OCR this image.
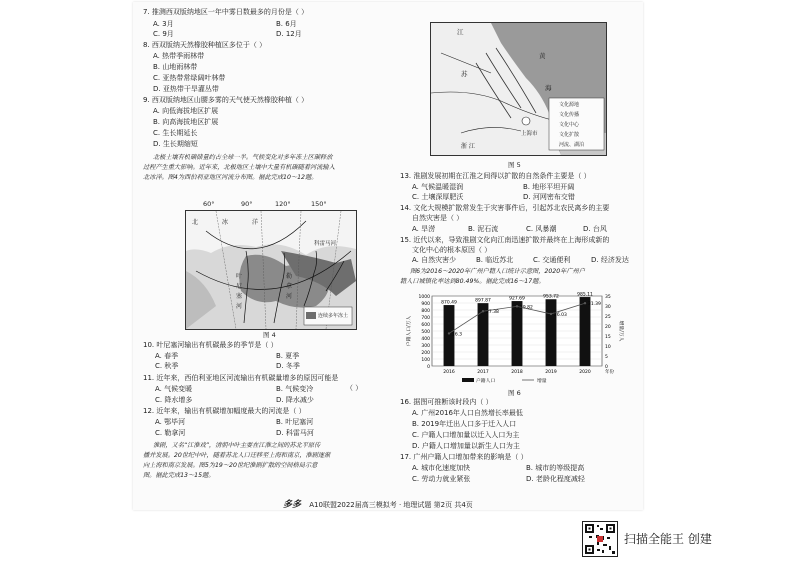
7. 推测西双版纳地区一年中雾日数最多的月份是（ ）
A. 3月	B. 6月
C. 9月	D. 12月
8. 西双版纳天然橡胶种植区多位于（ ）
A. 热带季雨林带
B. 山地雨林带
C. 亚热带常绿阔叶林带
D. 亚热带干旱灌丛带
9. 西双版纳地区山腰多雾的天气使天然橡胶种植（ ）
A. 向低海拔地区扩展
B. 向高海拔地区扩展
C. 生长期延长
D. 生长期缩短
北极土壤有机碳储量约占全球一半。气候变化对多年冻土区碳释放
过程产生重大影响。近年来，北极地区土壤中大量有机碳随着河流输入
北冰洋。图4为西伯利亚地区河流分布图。据此完成10～12题。
北	冰	洋
叶
尼
塞
河
勒
拿
河
科雷马河
连续多年冻土
60°	90°	120°	150°
图 4
10. 叶尼塞河输出有机碳最多的季节是（ ）
A. 春季	B. 夏季
C. 秋季	D. 冬季
11. 近年来，西伯利亚地区河流输出有机碳量增多的原因可能是
（ ）
A. 气候变暖	B. 气候变冷
C. 降水增多	D. 降水减少
12. 近年来，输出有机碳增加幅度最大的河流是（ ）
A. 鄂毕河	B. 叶尼塞河
C. 勒拿河	D. 科雷马河
淮剧，又名“江淮戏”，清朝中叶主要在江淮之间的苏北平原传
播并发展。20世纪中叶，随着苏北人口迁移至上海和南京，淮剧逐渐
向上海和南京发展。图5为19～20世纪淮剧扩散的空间格局示意
图。据此完成13～15题。
江
黄
海
苏
上海市
浙 江
文化源地
文化传播
文化中心
文化扩散
河流、湖泊
图 5
13. 淮剧发展初期在江淮之间得以扩散的自然条件主要是（ ）
A. 气候温暖湿润	B. 地形平坦开阔
C. 土壤深厚肥沃	D. 河网密布交错
14. 文化大规模扩散常发生于灾害事件后，引起苏北农民离乡的主要
自然灾害是（ ）
A. 旱涝	B. 泥石流	C. 风暴潮	D. 台风
15. 近代以来，导致淮剧文化向江南迅速扩散并最终在上海形成新的
文化中心的根本原因（ ）
A. 自然灾害少	B. 临近苏北	C. 交通便利	D. 经济发达
图6为2016～2020年广州户籍人口统计示意图，2020年广州户
籍人口城镇化率达到80.49%。据此完成16～17题。
1000
900
800
700
600
500
400
300
200
100
0
35
30
25
20
15
10
5
0
户籍人口/万人	增量/万人
870.49
2016
897.87
2017
927.69
2018
953.72
2019
985.11
2020
16.3
27.38
29.82
26.03
31.39
年份
户籍人口	增量
图 6
16. 据图可推断该时段内（ ）
A. 广州2016年人口自然增长率最低
B. 2019年迁出人口多于迁入人口
C. 户籍人口增加量以迁入人口为主
D. 户籍人口增加量以新生人口为主
17. 广州户籍人口增加带来的影响是（ ）
A. 城市化速度加快	B. 城市的等级提高
C. 劳动力就业紧张	D. 老龄化程度减轻
多多 A10联盟2022届高三模拟考 · 地理试题 第2页 共4页
扫描全能王 创建
